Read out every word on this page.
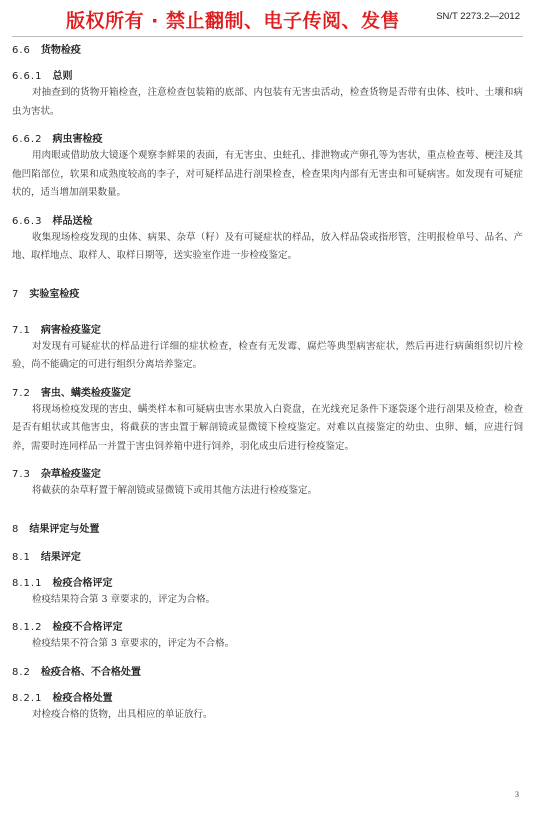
版权所有 · 禁止翻制、电子传阅、发售	SN/T 2273.2—2012
6.6 货物检疫
6.6.1 总则
对抽查到的货物开箱检查，注意检查包装箱的底部、内包装有无害虫活动，检查货物是否带有虫体、枝叶、土壤和病虫为害状。
6.6.2 病虫害检疫
用肉眼或借助放大镜逐个观察李鲜果的表面，有无害虫、虫蛀孔、排泄物或产卵孔等为害状，重点检查萼、梗洼及其他凹陷部位，软果和成熟度较高的李子，对可疑样品进行剖果检查，检查果肉内部有无害虫和可疑病害。如发现有可疑症状的，适当增加剖果数量。
6.6.3 样品送检
收集现场检疫发现的虫体、病果、杂草（籽）及有可疑症状的样品，放入样品袋或指形管，注明报检单号、品名、产地、取样地点、取样人、取样日期等，送实验室作进一步检疫鉴定。
7 实验室检疫
7.1 病害检疫鉴定
对发现有可疑症状的样品进行详细的症状检查，检查有无发霉、腐烂等典型病害症状，然后再进行病菌组织切片检验，尚不能确定的可进行组织分离培养鉴定。
7.2 害虫、螨类检疫鉴定
将现场检疫发现的害虫、螨类样本和可疑病虫害水果放入白瓷盘，在光线充足条件下逐袋逐个进行剖果及检查，检查是否有蛆状或其他害虫，将截获的害虫置于解剖镜或显微镜下检疫鉴定。对难以直接鉴定的幼虫、虫卵、蛹，应进行饲养，需要时连同样品一并置于害虫饲养箱中进行饲养，羽化成虫后进行检疫鉴定。
7.3 杂草检疫鉴定
将截获的杂草籽置于解剖镜或显微镜下或用其他方法进行检疫鉴定。
8 结果评定与处置
8.1 结果评定
8.1.1 检疫合格评定
检疫结果符合第 3 章要求的，评定为合格。
8.1.2 检疫不合格评定
检疫结果不符合第 3 章要求的，评定为不合格。
8.2 检疫合格、不合格处置
8.2.1 检疫合格处置
对检疫合格的货物，出具相应的单证放行。
3
